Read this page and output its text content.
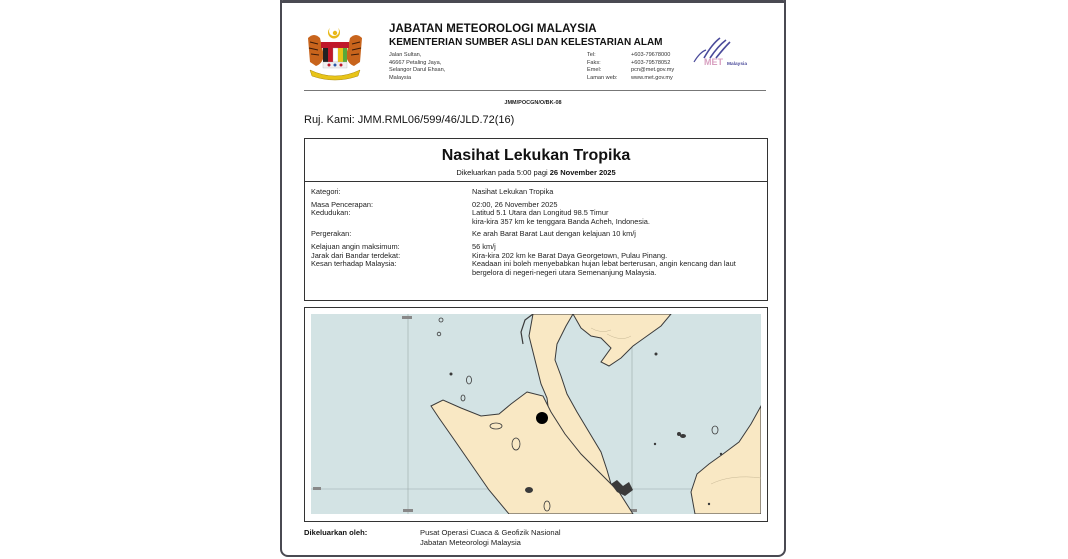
JABATAN METEOROLOGI MALAYSIA
KEMENTERIAN SUMBER ASLI DAN KELESTARIAN ALAM
Jalan Sultan,
46667 Petaling Jaya,
Selangor Darul Ehsan,
Malaysia
Tel:	+603-79678000
Faks:	+603-79578052
Emel:	pcn@met.gov.my
Laman web:	www.met.gov.my
MET Malaysia
JMM/POCGN/O/BK-08
Ruj. Kami: JMM.RML06/599/46/JLD.72(16)
Nasihat Lekukan Tropika
Dikeluarkan pada 5:00 pagi 26 November 2025
Kategori:	Nasihat Lekukan Tropika
Masa Pencerapan:	02:00, 26 November 2025
Kedudukan:	Latitud 5.1 Utara dan Longitud 98.5 Timur
kira-kira 357 km ke tenggara Banda Acheh, Indonesia.
Pergerakan:	Ke arah Barat Barat Laut dengan kelajuan 10 km/j
Kelajuan angin maksimum:	56 km/j
Jarak dari Bandar terdekat:	Kira-kira 202 km ke Barat Daya Georgetown, Pulau Pinang.
Kesan terhadap Malaysia:	Keadaan ini boleh menyebabkan hujan lebat berterusan, angin kencang dan laut
bergelora di negeri-negeri utara Semenanjung Malaysia.
Dikeluarkan oleh:	Pusat Operasi Cuaca & Geofizik Nasional
Jabatan Meteorologi Malaysia
